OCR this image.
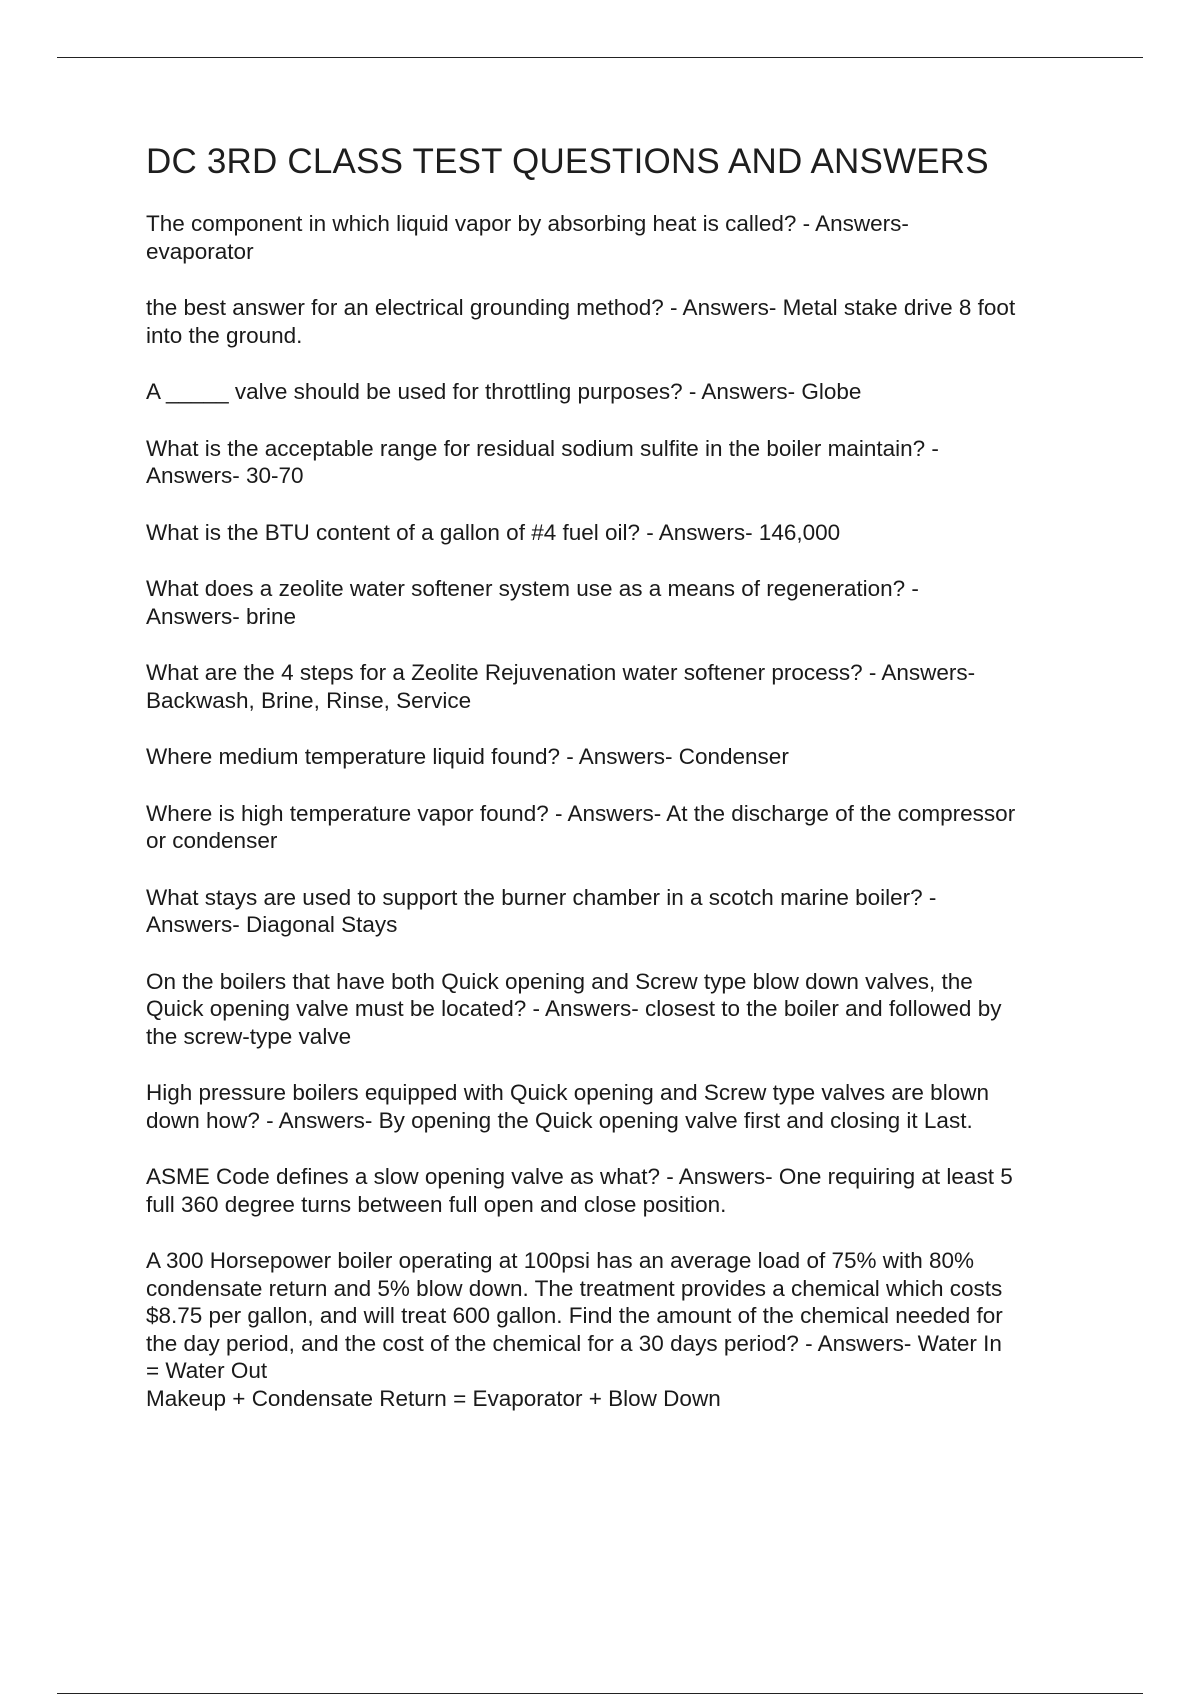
DC 3RD CLASS TEST QUESTIONS AND ANSWERS
The component in which liquid vapor by absorbing heat is called? - Answers-
evaporator
the best answer for an electrical grounding method? - Answers- Metal stake drive 8 foot
into the ground.
A _____ valve should be used for throttling purposes? - Answers- Globe
What is the acceptable range for residual sodium sulfite in the boiler maintain? -
Answers- 30-70
What is the BTU content of a gallon of #4 fuel oil? - Answers- 146,000
What does a zeolite water softener system use as a means of regeneration? -
Answers- brine
What are the 4 steps for a Zeolite Rejuvenation water softener process? - Answers-
Backwash, Brine, Rinse, Service
Where medium temperature liquid found? - Answers- Condenser
Where is high temperature vapor found? - Answers- At the discharge of the compressor
or condenser
What stays are used to support the burner chamber in a scotch marine boiler? -
Answers- Diagonal Stays
On the boilers that have both Quick opening and Screw type blow down valves, the
Quick opening valve must be located? - Answers- closest to the boiler and followed by
the screw-type valve
High pressure boilers equipped with Quick opening and Screw type valves are blown
down how? - Answers- By opening the Quick opening valve first and closing it Last.
ASME Code defines a slow opening valve as what? - Answers- One requiring at least 5
full 360 degree turns between full open and close position.
A 300 Horsepower boiler operating at 100psi has an average load of 75% with 80%
condensate return and 5% blow down. The treatment provides a chemical which costs
$8.75 per gallon, and will treat 600 gallon. Find the amount of the chemical needed for
the day period, and the cost of the chemical for a 30 days period? - Answers- Water In
= Water Out
Makeup + Condensate Return = Evaporator + Blow Down
